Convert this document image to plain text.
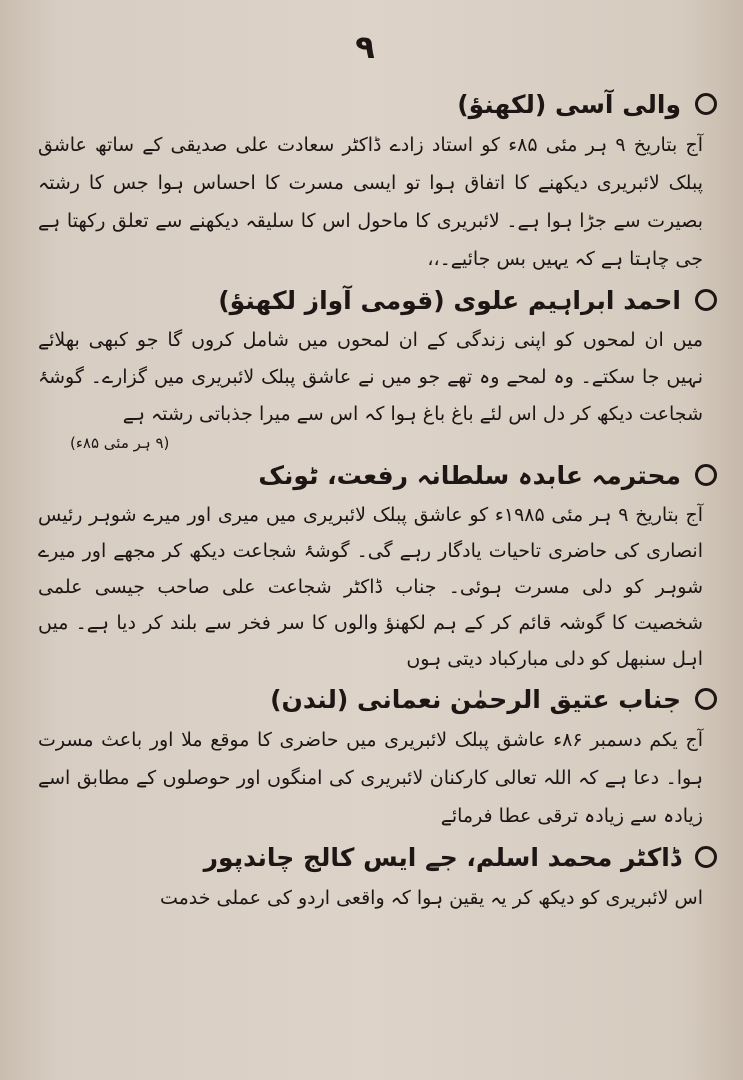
۹
والی آسی (لکھنؤ)

آج بتاریخ ۹ ہر مئی ۸۵ء کو استاد زادے ڈاکٹر سعادت علی صدیقی کے ساتھ عاشق پبلک لائبریری دیکھنے کا اتفاق ہوا تو ایسی مسرت کا احساس ہوا جس کا رشتہ بصیرت سے جڑا ہوا ہے۔ لائبریری کا ماحول اس کا سلیقہ دیکھنے سے تعلق رکھتا ہے جی چاہتا ہے کہ یہیں بس جائیے۔،،

احمد ابراہیم علوی (قومی آواز لکھنؤ)

میں ان لمحوں کو اپنی زندگی کے ان لمحوں میں شامل کروں گا جو کبھی بھلائے نہیں جا سکتے۔ وہ لمحے وہ تھے جو میں نے عاشق پبلک لائبریری میں گزارے۔ گوشۂ شجاعت دیکھ کر دل اس لئے باغ باغ ہوا کہ اس سے میرا جذباتی رشتہ ہے

(۹ ہر مئی ۸۵ء)

محترمہ عابدہ سلطانہ رفعت، ٹونک

آج بتاریخ ۹ ہر مئی ۱۹۸۵ء کو عاشق پبلک لائبریری میں میری اور میرے شوہر رئیس انصاری کی حاضری تاحیات یادگار رہے گی۔ گوشۂ شجاعت دیکھ کر مجھے اور میرے شوہر کو دلی مسرت ہوئی۔ جناب ڈاکٹر شجاعت علی صاحب جیسی علمی شخصیت کا گوشہ قائم کر کے ہم لکھنؤ والوں کا سر فخر سے بلند کر دیا ہے۔ میں اہل سنبھل کو دلی مبارکباد دیتی ہوں

جناب عتیق الرحمٰن نعمانی (لندن)

آج یکم دسمبر ۸۶ء عاشق پبلک لائبریری میں حاضری کا موقع ملا اور باعث مسرت ہوا۔ دعا ہے کہ اللہ تعالی کارکنان لائبریری کی امنگوں اور حوصلوں کے مطابق اسے زیادہ سے زیادہ ترقی عطا فرمائے

ڈاکٹر محمد اسلم، جے ایس کالج چاندپور

اس لائبریری کو دیکھ کر یہ یقین ہوا کہ واقعی اردو کی عملی خدمت
